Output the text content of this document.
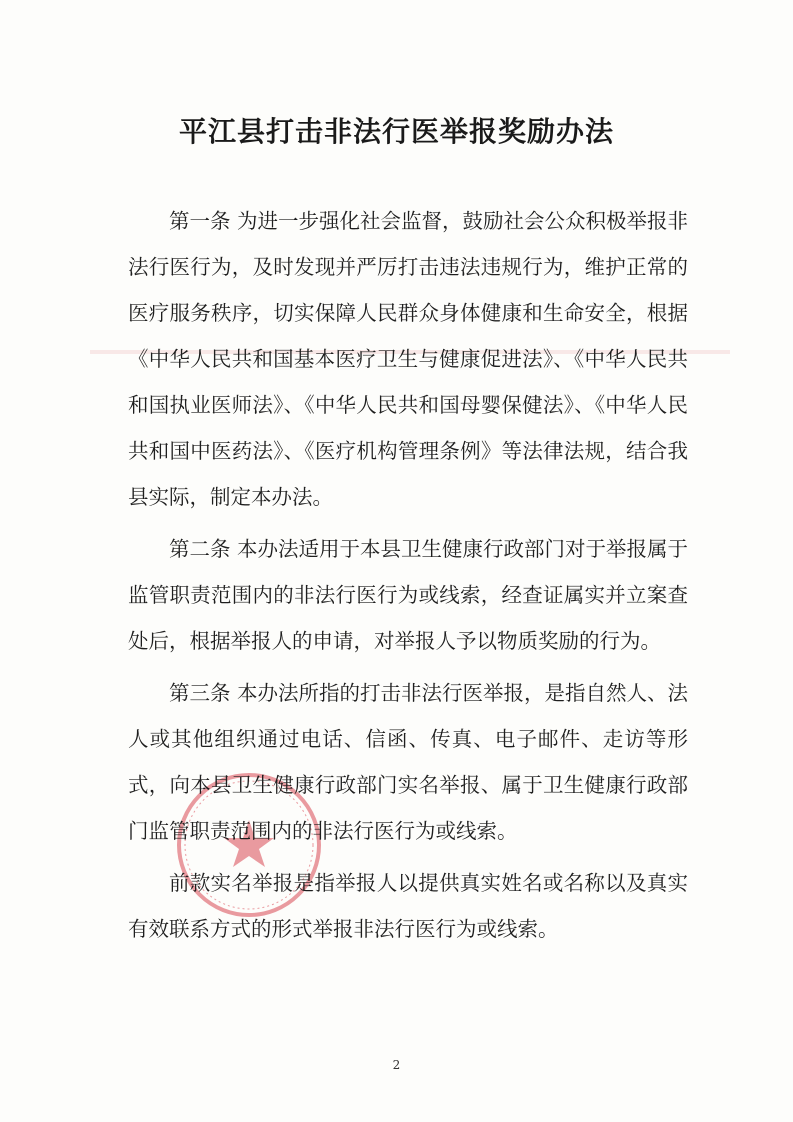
平江县打击非法行医举报奖励办法

第一条 为进一步强化社会监督，鼓励社会公众积极举报非法行医行为，及时发现并严厉打击违法违规行为，维护正常的医疗服务秩序，切实保障人民群众身体健康和生命安全，根据《中华人民共和国基本医疗卫生与健康促进法》、《中华人民共和国执业医师法》、《中华人民共和国母婴保健法》、《中华人民共和国中医药法》、《医疗机构管理条例》等法律法规，结合我县实际，制定本办法。

第二条 本办法适用于本县卫生健康行政部门对于举报属于监管职责范围内的非法行医行为或线索，经查证属实并立案查处后，根据举报人的申请，对举报人予以物质奖励的行为。

第三条 本办法所指的打击非法行医举报，是指自然人、法人或其他组织通过电话、信函、传真、电子邮件、走访等形式，向本县卫生健康行政部门实名举报、属于卫生健康行政部门监管职责范围内的非法行医行为或线索。

前款实名举报是指举报人以提供真实姓名或名称以及真实有效联系方式的形式举报非法行医行为或线索。

2
